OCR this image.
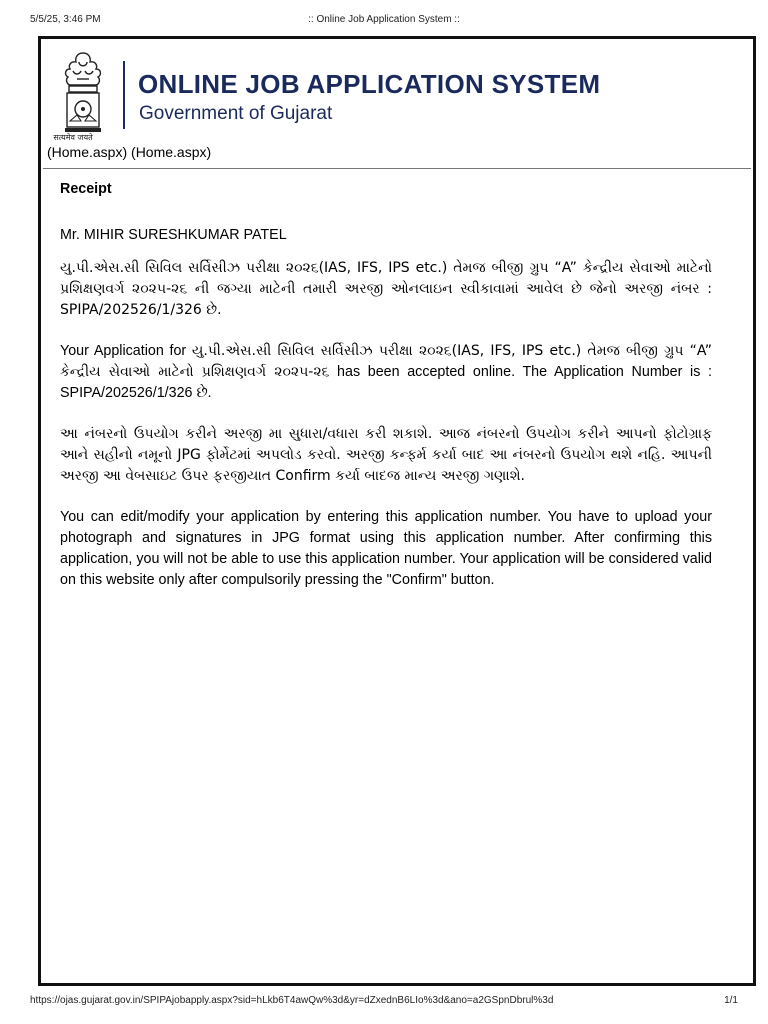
5/5/25, 3:46 PM	:: Online Job Application System ::
सत्यमेव जयते
ONLINE JOB APPLICATION SYSTEM
Government of Gujarat
(Home.aspx) (Home.aspx)

Receipt

Mr. MIHIR SURESHKUMAR PATEL

યુ.પી.એસ.સી સિવિલ સર્વિસીઝ પરીક્ષા ૨૦૨૬(IAS, IFS, IPS etc.) તેમજ બીજી ગ્રુપ “A” કેન્દ્રીય સેવાઓ માટેનો પ્રશિક્ષણવર્ગ ૨૦૨૫-૨૬ ની જગ્યા માટેની તમારી અરજી ઓનલાઇન સ્વીકાવામાં આવેલ છે જેનો અરજી નંબર : SPIPA/202526/1/326 છે.

Your Application for યુ.પી.એસ.સી સિવિલ સર્વિસીઝ પરીક્ષા ૨૦૨૬(IAS, IFS, IPS etc.) તેમજ બીજી ગ્રુપ “A” કેન્દ્રીય સેવાઓ માટેનો પ્રશિક્ષણવર્ગ ૨૦૨૫-૨૬ has been accepted online. The Application Number is : SPIPA/202526/1/326 છે.

આ નંબરનો ઉપયોગ કરીને અરજી મા સુધારા/વધારા કરી શકાશે. આજ નંબરનો ઉપયોગ કરીને આપનો ફોટોગ્રાફ આને સહીનો નમૂનો JPG ફોર્મેટમાં અપલોડ કરવો. અરજી કન્ફર્મ કર્યા બાદ આ નંબરનો ઉપયોગ થશે નહિ. આપની અરજી આ વેબસાઇટ ઉપર ફરજીયાત Confirm કર્યા બાદજ માન્ય અરજી ગણાશે.

You can edit/modify your application by entering this application number. You have to upload your photograph and signatures in JPG format using this application number. After confirming this application, you will not be able to use this application number. Your application will be considered valid on this website only after compulsorily pressing the "Confirm" button.

https://ojas.gujarat.gov.in/SPIPAjobapply.aspx?sid=hLkb6T4awQw%3d&yr=dZxednB6LIo%3d&ano=a2GSpnDbrul%3d	1/1
